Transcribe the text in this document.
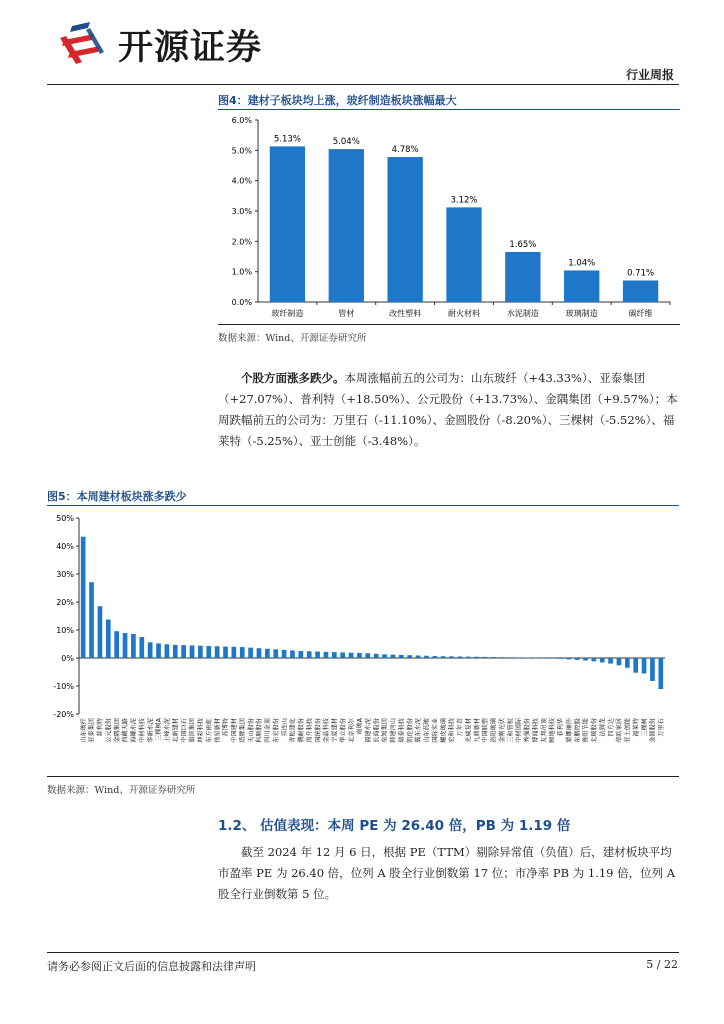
开源证券
行业周报
图4：建材子板块均上涨，玻纤制造板块涨幅最大
0.0%
1.0%
2.0%
3.0%
4.0%
5.0%
6.0%
5.13%
玻纤制造
5.04%
管材
4.78%
改性塑料
3.12%
耐火材料
1.65%
水泥制造
1.04%
玻璃制造
0.71%
碳纤维
数据来源：Wind、开源证券研究所
个股方面涨多跌少。本周涨幅前五的公司为：山东玻纤（+43.33%）、亚泰集团（+27.07%）、普利特（+18.50%）、公元股份（+13.73%）、金隅集团（+9.57%）；本周跌幅前五的公司为：万里石（-11.10%）、金圆股份（-8.20%）、三棵树（-5.52%）、福莱特（-5.25%）、亚士创能（-3.48%）。
图5：本周建材板块涨多跌少
-20%
-10%
0%
10%
20%
30%
40%
50%
山东玻纤 亚泰集团 普利特 公元股份 金隅集团 西藏天路 海螺水泥 中材科技 华新水泥 三棵树A 上峰水泥 北新建材 中国巨石 旗滨集团 坤彩科技 东方雨虹 伟星新材 苏博特 中国建材 塔牌集团 天山股份 科顺股份 四川金顶 东宏股份 祁连山 青松建化 濮耐股份 再升科技 国统股份 金晶科技 宁夏建材 华立股份 北京利尔 南玻A 福建水泥 长海股份 垒知集团 韩建河山 瑞泰科技 凯伦股份 冀东水泥 山东药玻 国际实业 耀皮玻璃 宏和科技 万年青 光威复材 九鼎新材 中国联塑 洛阳玻璃 金刚光伏 三和管桩 中材国际 秀强股份 博闻科技 友邦吊顶 顾地科技 菲利华 蒙娜丽莎 东鹏控股 鲁阳节能 北玻股份 法狮龙 四方达 帝欧家居 亚士创能 福莱特 三棵树 金圆股份 万里石
数据来源：Wind、开源证券研究所
1.2、 估值表现：本周 PE 为 26.40 倍，PB 为 1.19 倍
截至 2024 年 12 月 6 日，根据 PE（TTM）剔除异常值（负值）后，建材板块平均市盈率 PE 为 26.40 倍，位列 A 股全行业倒数第 17 位；市净率 PB 为 1.19 倍，位列 A 股全行业倒数第 5 位。
请务必参阅正文后面的信息披露和法律声明	5 / 22
